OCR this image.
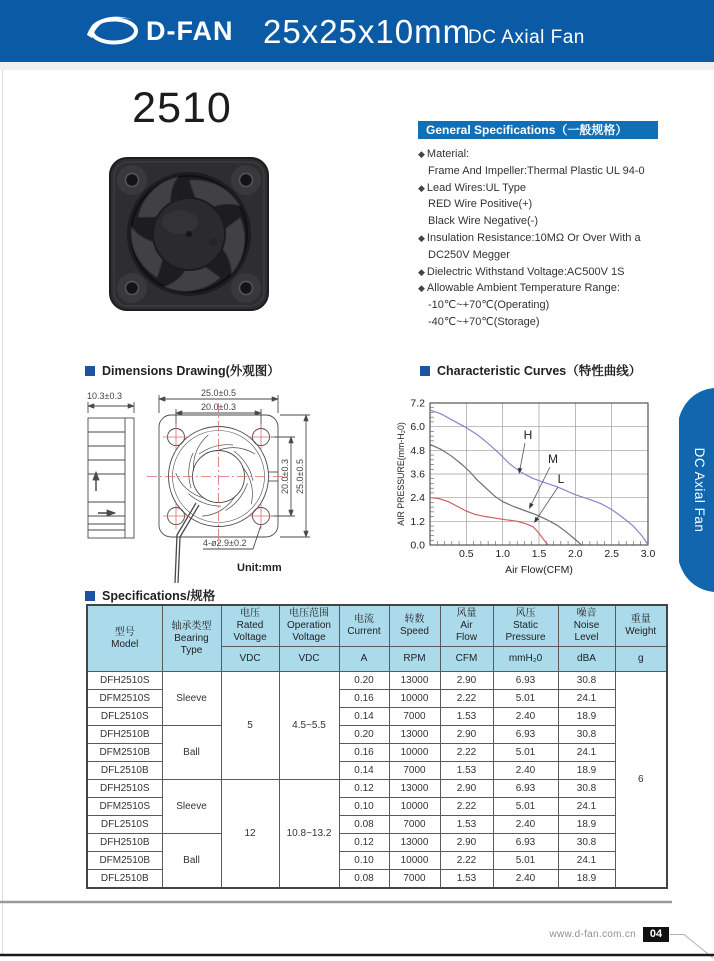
D-FAN 25x25x10mm
DC Axial Fan
2510	General Specifications（一般规格）
◆ Material:
Frame And Impeller:Thermal Plastic UL 94-0
◆ Lead Wires:UL Type
RED Wire Positive(+)
Black Wire Negative(-)
◆ Insulation Resistance:10MΩ Or Over With a
DC250V Megger
◆ Dielectric Withstand Voltage:AC500V 1S
◆ Allowable Ambient Temperature Range:
-10℃~+70℃(Operating)
-40℃~+70℃(Storage)
Dimensions Drawing(外观图）	Characteristic Curves（特性曲线）
Specifications/规格
10.3±0.3	25.0±0.5
20.0±0.3
20.0±0.3 25.0±0.5
4-ø2.9±0.2
Unit:mm
0.5 1.0 1.5 2.0 2.5 3.0
0.0
1.2
2.4
3.6
4.8
6.0
7.2
Air Flow(CFM)
AIR PRESSURE(mm-H₂0)	H
M
L	DC Axial Fan
型号
Model	轴承类型
Bearing
Type	电压
Rated
Voltage	电压范围
Operation
Voltage	电流
Current	转数
Speed	风量
Air
Flow	风压
Static
Pressure	噪音
Noise
Level	重量
Weight
		VDC	VDC	A	RPM	CFM	mmH₂0	dBA	g
DFH2510S	Sleeve	5	4.5~5.5	0.20	13000	2.90	6.93	30.8	6
DFM2510S				0.16	10000	2.22	5.01	24.1	
DFL2510S				0.14	7000	1.53	2.40	18.9	
DFH2510B	Ball			0.20	13000	2.90	6.93	30.8	
DFM2510B				0.16	10000	2.22	5.01	24.1	
DFL2510B				0.14	7000	1.53	2.40	18.9	
DFH2510S	Sleeve	12	10.8~13.2	0.12	13000	2.90	6.93	30.8	
DFM2510S				0.10	10000	2.22	5.01	24.1	
DFL2510S				0.08	7000	1.53	2.40	18.9	
DFH2510B	Ball			0.12	13000	2.90	6.93	30.8	
DFM2510B				0.10	10000	2.22	5.01	24.1	
DFL2510B				0.08	7000	1.53	2.40	18.9	
www.d-fan.com.cn	04
